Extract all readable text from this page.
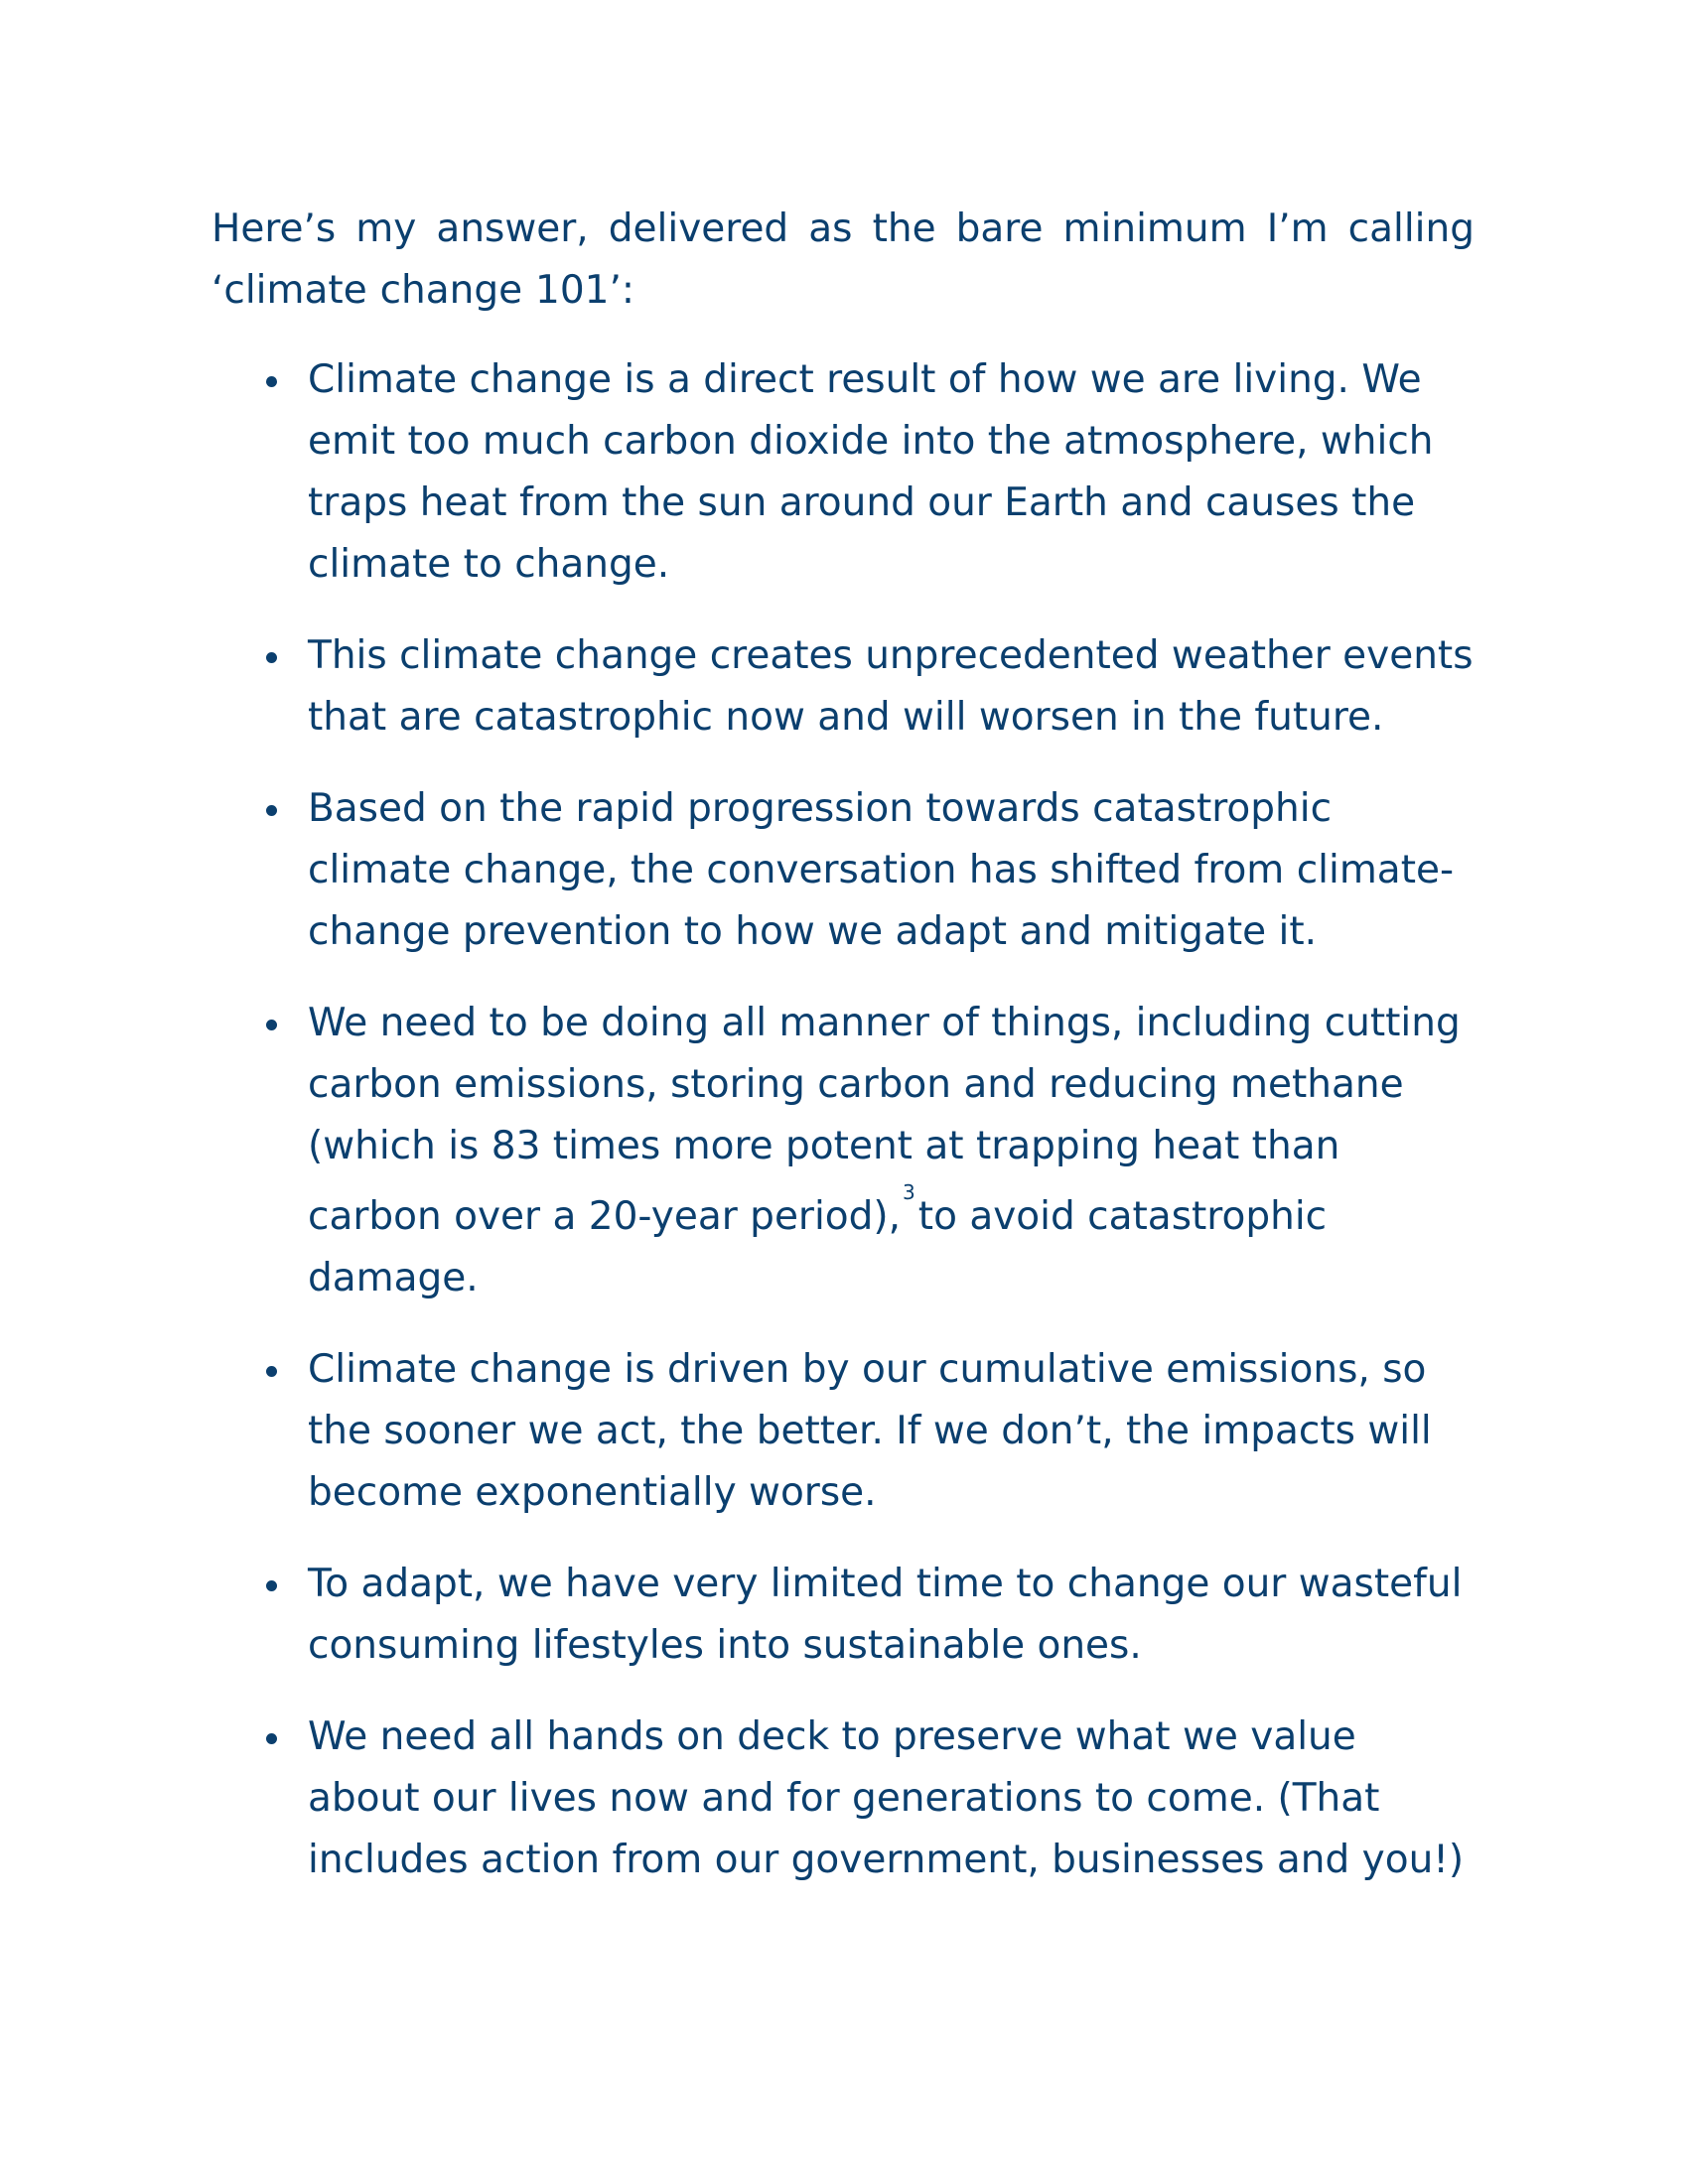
Here’s my answer, delivered as the bare minimum I’m calling ‘climate change 101’:

Climate change is a direct result of how we are living. We emit too much carbon dioxide into the atmosphere, which traps heat from the sun around our Earth and causes the climate to change.
This climate change creates unprecedented weather events that are catastrophic now and will worsen in the future.
Based on the rapid progression towards catastrophic climate change, the conversation has shifted from climate-change prevention to how we adapt and mitigate it.
We need to be doing all manner of things, including cutting carbon emissions, storing carbon and reducing methane (which is 83 times more potent at trapping heat than carbon over a 20-year period),$^3$to avoid catastrophic damage.
Climate change is driven by our cumulative emissions, so the sooner we act, the better. If we don’t, the impacts will become exponentially worse.
To adapt, we have very limited time to change our wasteful consuming lifestyles into sustainable ones.
We need all hands on deck to preserve what we value about our lives now and for generations to come. (That includes action from our government, businesses and you!)
